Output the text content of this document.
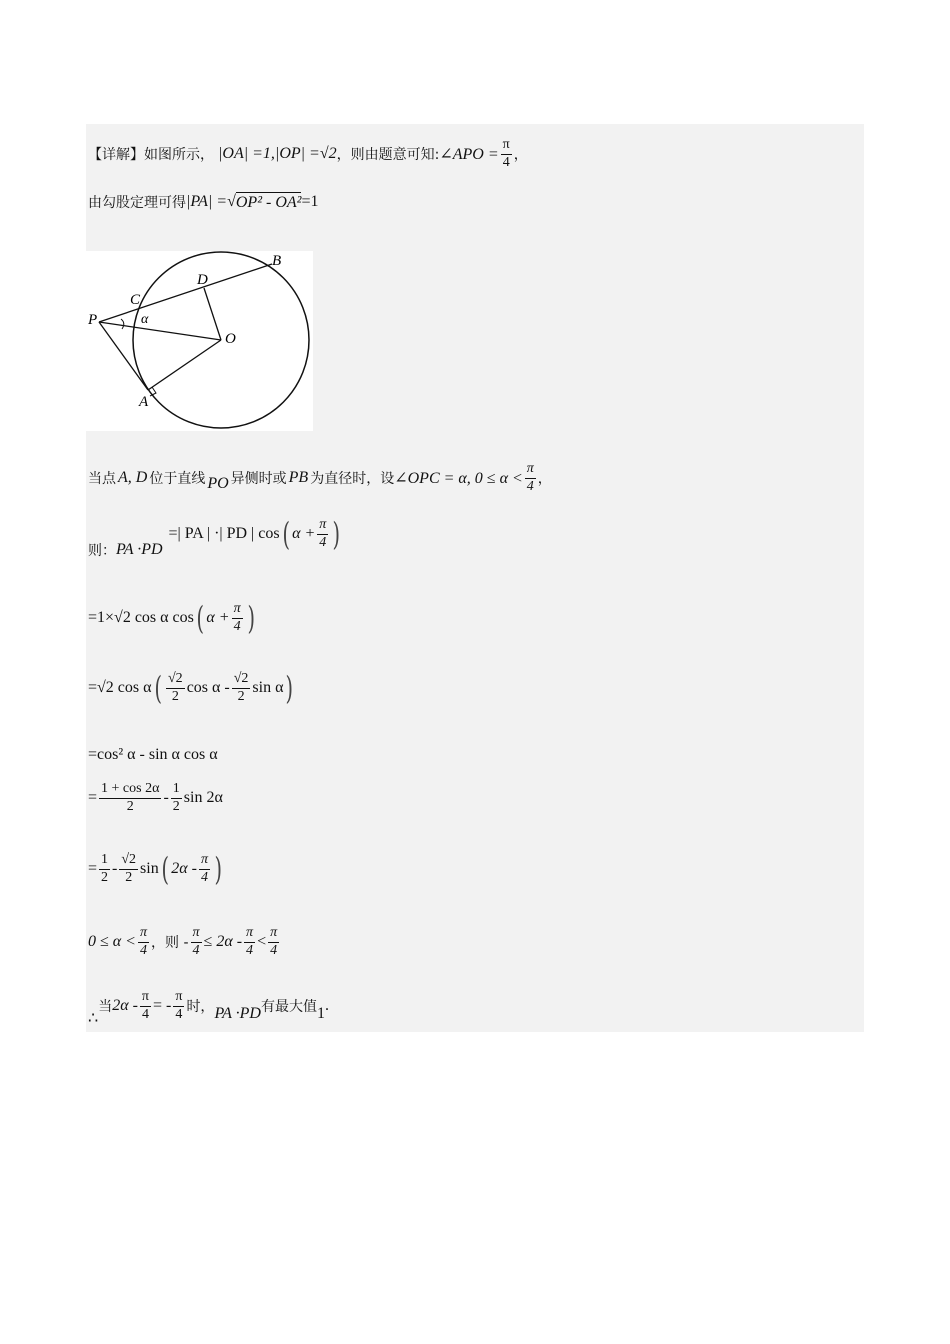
【详解】 如图所示， |OA| =1,|OP| =√2 ，则由题意可知: ∠APO = $\frac{\pi}{4}$ ，
由勾股定理可得 |PA| = √ OP² - OA² =1
P
C
D
B
O
A
α
当点 A, D 位于直线 PO 异侧时或 PB 为直径时，设 ∠OPC = α, $0 \le \alpha < \frac{\pi}{4}$ ，
则： PA ·PD
=| PA | ·| PD | cos ( $\alpha + \frac{\pi}{4}$ )
=1×√2 cos α cos ( $\alpha + \frac{\pi}{4}$ )
=√2 cos α ( $\frac{√2}{2}$ cos α - $\frac{√2}{2}$ sin α )
=cos² α - sin α cos α
= $\frac{1 + \cos 2\alpha}{2} - \frac{1}{2}$ sin 2α
= $\frac{1}{2} - \frac{√2}{2}$ sin ( $2\alpha - \frac{\pi}{4}$ )
$0 \le \alpha < \frac{\pi}{4}$ ，则 - $\frac{\pi}{4} \le 2\alpha - \frac{\pi}{4} < \frac{\pi}{4}$
∴
当 $2\alpha - \frac{\pi}{4}$ = - $\frac{\pi}{4}$ 时， PA ·PD 有最大值 1 .
